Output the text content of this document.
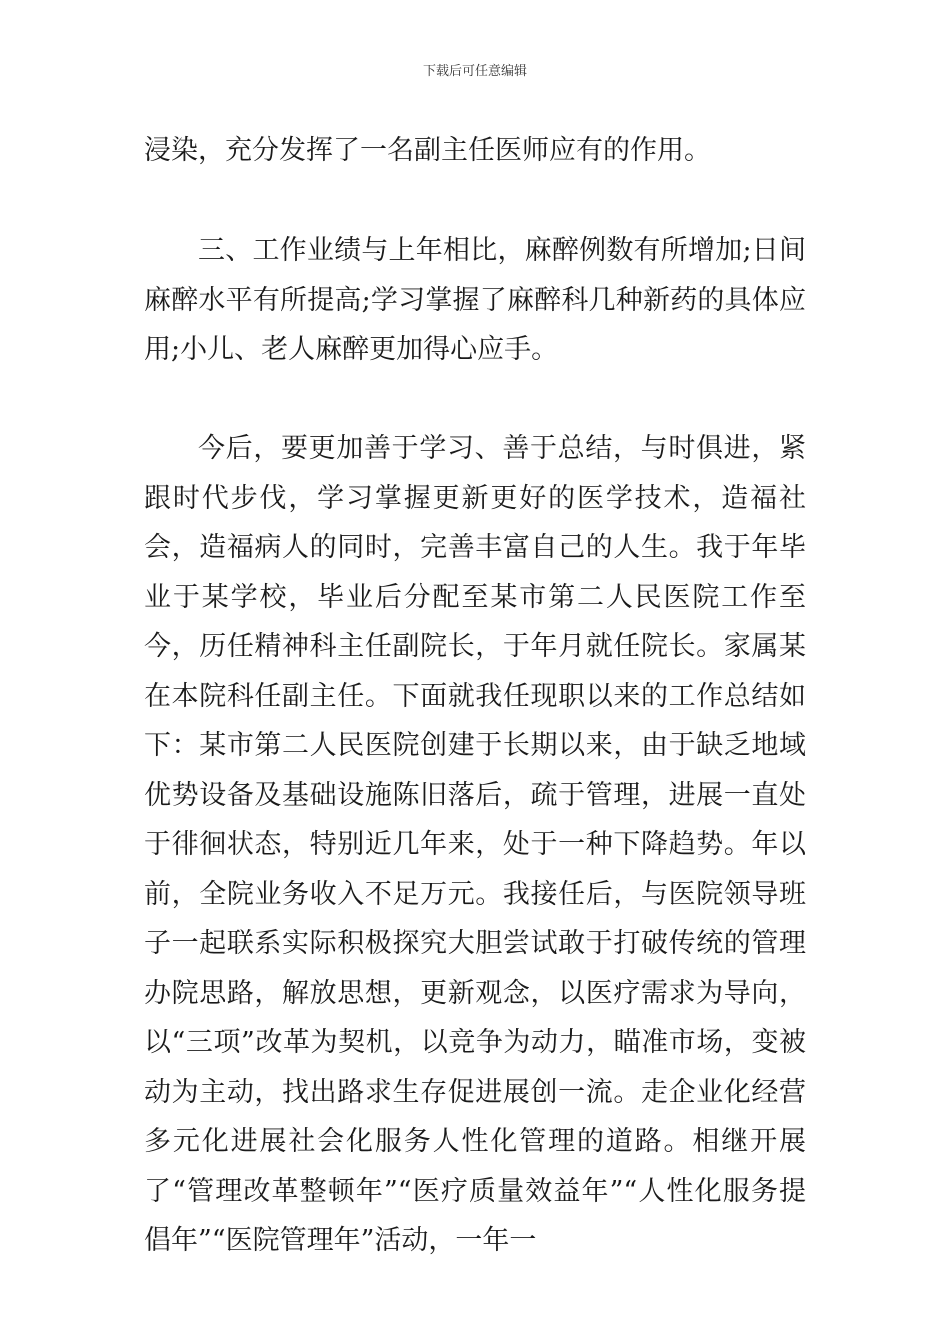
下载后可任意编辑

浸染，充分发挥了一名副主任医师应有的作用。

三、工作业绩与上年相比，麻醉例数有所增加;日间麻醉水平有所提高;学习掌握了麻醉科几种新药的具体应用;小儿、老人麻醉更加得心应手。

今后，要更加善于学习、善于总结，与时俱进，紧跟时代步伐，学习掌握更新更好的医学技术，造福社会，造福病人的同时，完善丰富自己的人生。我于年毕业于某学校，毕业后分配至某市第二人民医院工作至今，历任精神科主任副院长，于年月就任院长。家属某在本院科任副主任。下面就我任现职以来的工作总结如下：某市第二人民医院创建于长期以来，由于缺乏地域优势设备及基础设施陈旧落后，疏于管理，进展一直处于徘徊状态，特别近几年来，处于一种下降趋势。年以前，全院业务收入不足万元。我接任后，与医院领导班子一起联系实际积极探究大胆尝试敢于打破传统的管理办院思路，解放思想，更新观念，以医疗需求为导向，以“三项”改革为契机，以竞争为动力，瞄准市场，变被动为主动，找出路求生存促进展创一流。走企业化经营多元化进展社会化服务人性化管理的道路。相继开展了“管理改革整顿年”“医疗质量效益年”“人性化服务提倡年”“医院管理年”活动，一年一
